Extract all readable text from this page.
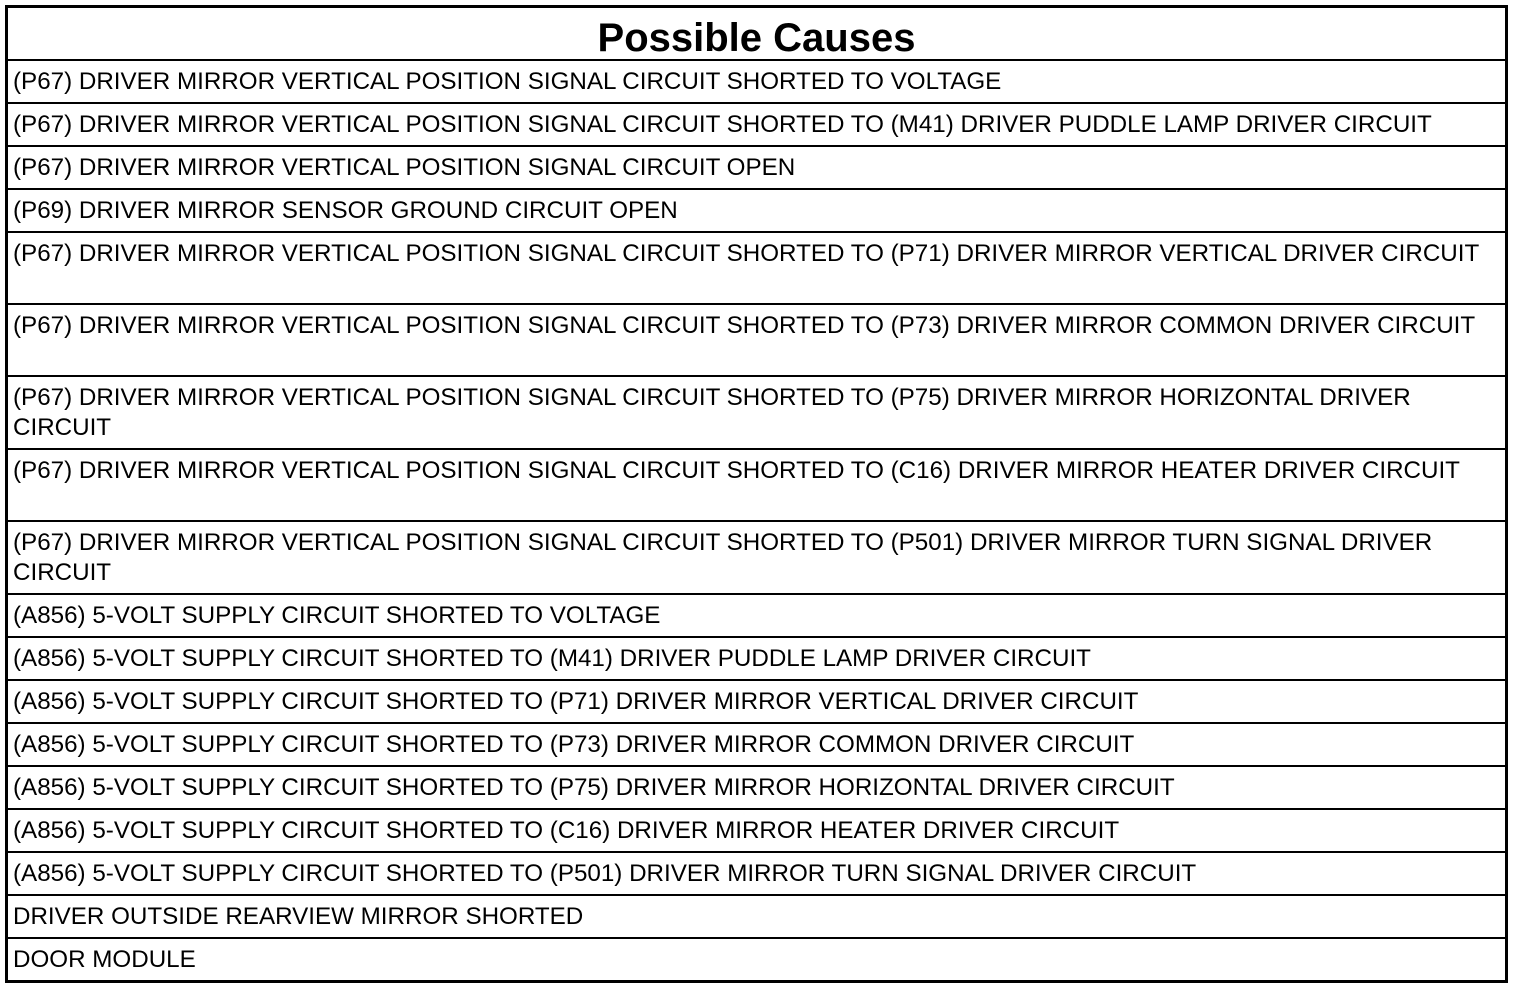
Possible Causes
(P67) DRIVER MIRROR VERTICAL POSITION SIGNAL CIRCUIT SHORTED TO VOLTAGE
(P67) DRIVER MIRROR VERTICAL POSITION SIGNAL CIRCUIT SHORTED TO (M41) DRIVER PUDDLE LAMP DRIVER CIRCUIT
(P67) DRIVER MIRROR VERTICAL POSITION SIGNAL CIRCUIT OPEN
(P69) DRIVER MIRROR SENSOR GROUND CIRCUIT OPEN
(P67) DRIVER MIRROR VERTICAL POSITION SIGNAL CIRCUIT SHORTED TO (P71) DRIVER MIRROR VERTICAL DRIVER CIRCUIT
(P67) DRIVER MIRROR VERTICAL POSITION SIGNAL CIRCUIT SHORTED TO (P73) DRIVER MIRROR COMMON DRIVER CIRCUIT
(P67) DRIVER MIRROR VERTICAL POSITION SIGNAL CIRCUIT SHORTED TO (P75) DRIVER MIRROR HORIZONTAL DRIVER CIRCUIT
(P67) DRIVER MIRROR VERTICAL POSITION SIGNAL CIRCUIT SHORTED TO (C16) DRIVER MIRROR HEATER DRIVER CIRCUIT
(P67) DRIVER MIRROR VERTICAL POSITION SIGNAL CIRCUIT SHORTED TO (P501) DRIVER MIRROR TURN SIGNAL DRIVER CIRCUIT
(A856) 5-VOLT SUPPLY CIRCUIT SHORTED TO VOLTAGE
(A856) 5-VOLT SUPPLY CIRCUIT SHORTED TO (M41) DRIVER PUDDLE LAMP DRIVER CIRCUIT
(A856) 5-VOLT SUPPLY CIRCUIT SHORTED TO (P71) DRIVER MIRROR VERTICAL DRIVER CIRCUIT
(A856) 5-VOLT SUPPLY CIRCUIT SHORTED TO (P73) DRIVER MIRROR COMMON DRIVER CIRCUIT
(A856) 5-VOLT SUPPLY CIRCUIT SHORTED TO (P75) DRIVER MIRROR HORIZONTAL DRIVER CIRCUIT
(A856) 5-VOLT SUPPLY CIRCUIT SHORTED TO (C16) DRIVER MIRROR HEATER DRIVER CIRCUIT
(A856) 5-VOLT SUPPLY CIRCUIT SHORTED TO (P501) DRIVER MIRROR TURN SIGNAL DRIVER CIRCUIT
DRIVER OUTSIDE REARVIEW MIRROR SHORTED
DOOR MODULE
